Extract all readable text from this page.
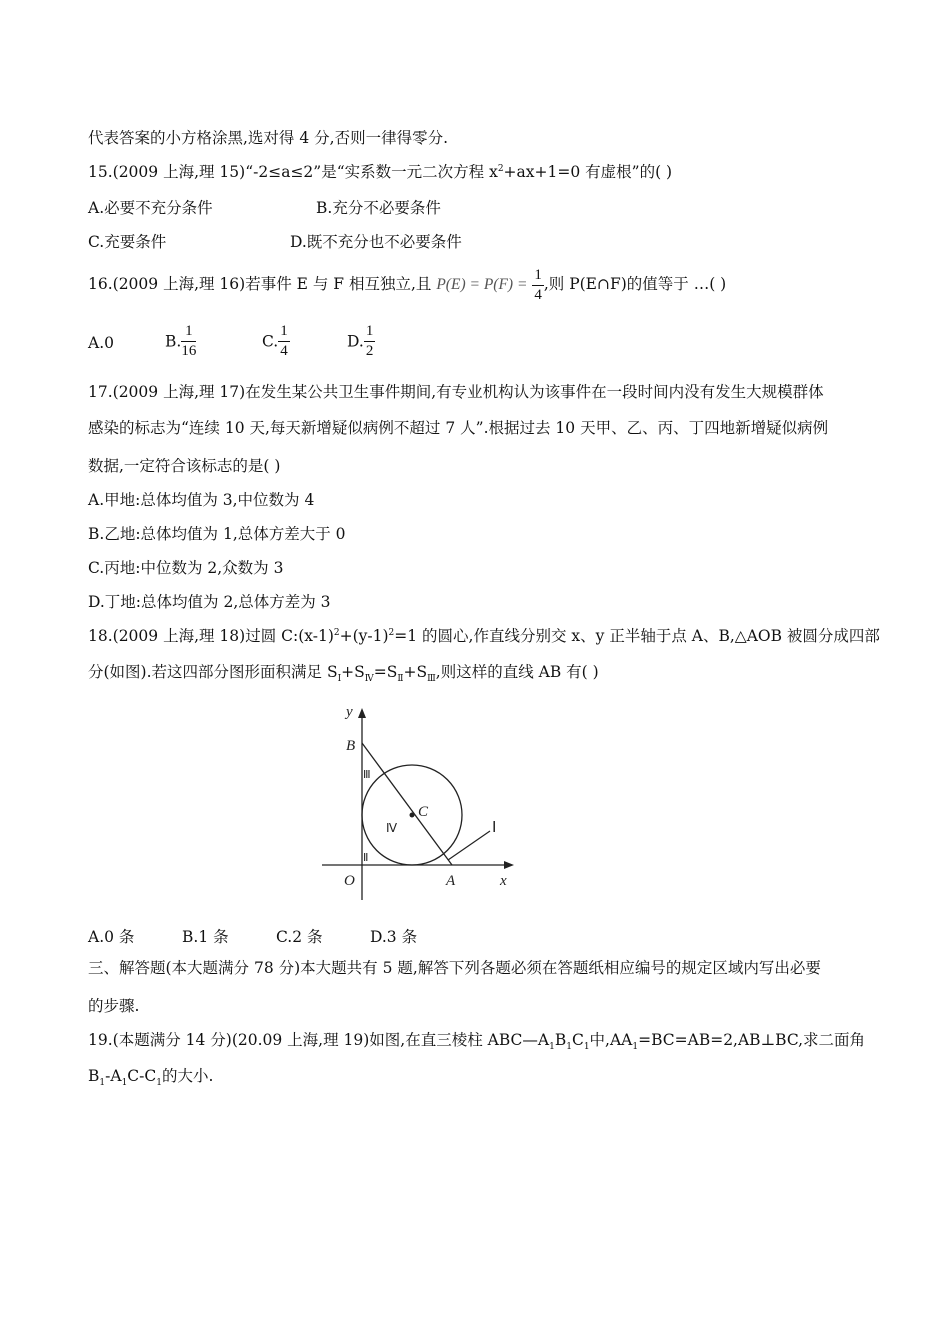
代表答案的小方格涂黑,选对得 4 分,否则一律得零分.
15.(2009 上海,理 15)“-2≤a≤2”是“实系数一元二次方程 $x^2+ax+1=0$ 有虚根”的( )
A.必要不充分条件	B.充分不必要条件
C.充要条件	D.既不充分也不必要条件
16.(2009 上海,理 16)若事件 E 与 F 相互独立,且 $P(E) = P(F) = \frac{1}{4}$ ,则 P(E∩F)的值等于 …( )
A.0	B. $\frac{1}{16}$	C. $\frac{1}{4}$	D. $\frac{1}{2}$
17.(2009 上海,理 17)在发生某公共卫生事件期间,有专业机构认为该事件在一段时间内没有发生大规模群体
感染的标志为“连续 10 天,每天新增疑似病例不超过 7 人”.根据过去 10 天甲、乙、丙、丁四地新增疑似病例
数据,一定符合该标志的是( )
A.甲地:总体均值为 3,中位数为 4
B.乙地:总体均值为 1,总体方差大于 0
C.丙地:中位数为 2,众数为 3
D.丁地:总体均值为 2,总体方差为 3
18.(2009 上海,理 18)过圆 $C:(x-1)^2+(y-1)^2=1$ 的圆心,作直线分别交 x、y 正半轴于点 A、B,△AOB 被圆分成四部
分(如图).若这四部分图形面积满足 $S_Ⅰ+S_Ⅳ=S_Ⅱ+S_Ⅲ$,则这样的直线 AB 有( )
y
x
O	A
B
C
Ⅰ
Ⅱ
Ⅲ
Ⅳ
A.0 条	B.1 条	C.2 条	D.3 条
三、解答题(本大题满分 78 分)本大题共有 5 题,解答下列各题必须在答题纸相应编号的规定区域内写出必要
的步骤.
19.(本题满分 14 分)(20.09 上海,理 19)如图,在直三棱柱 $ABC—A_1B_1C_1$中$,AA_1=BC=AB=2,AB\perp BC$,求二面角
$B_1-A_1C-C_1$的大小.
